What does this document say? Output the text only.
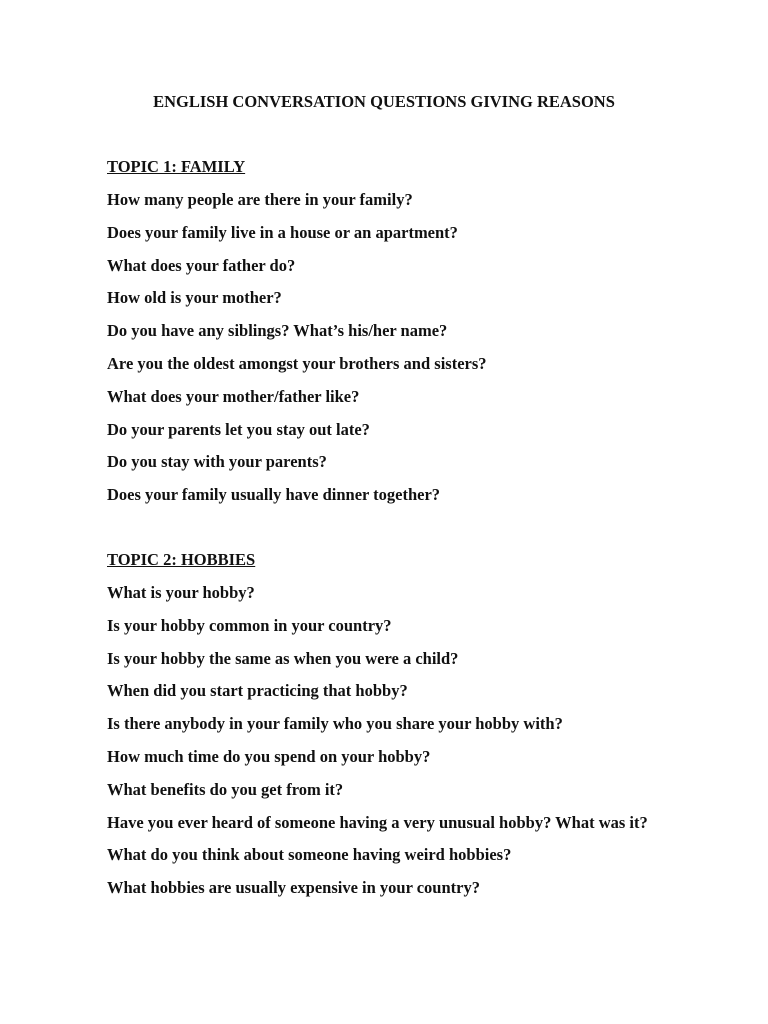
ENGLISH CONVERSATION QUESTIONS GIVING REASONS
TOPIC 1: FAMILY
How many people are there in your family?
Does your family live in a house or an apartment?
What does your father do?
How old is your mother?
Do you have any siblings? What’s his/her name?
Are you the oldest amongst your brothers and sisters?
What does your mother/father like?
Do your parents let you stay out late?
Do you stay with your parents?
Does your family usually have dinner together?
TOPIC 2: HOBBIES
What is your hobby?
Is your hobby common in your country?
Is your hobby the same as when you were a child?
When did you start practicing that hobby?
Is there anybody in your family who you share your hobby with?
How much time do you spend on your hobby?
What benefits do you get from it?
Have you ever heard of someone having a very unusual hobby? What was it?
What do you think about someone having weird hobbies?
What hobbies are usually expensive in your country?
